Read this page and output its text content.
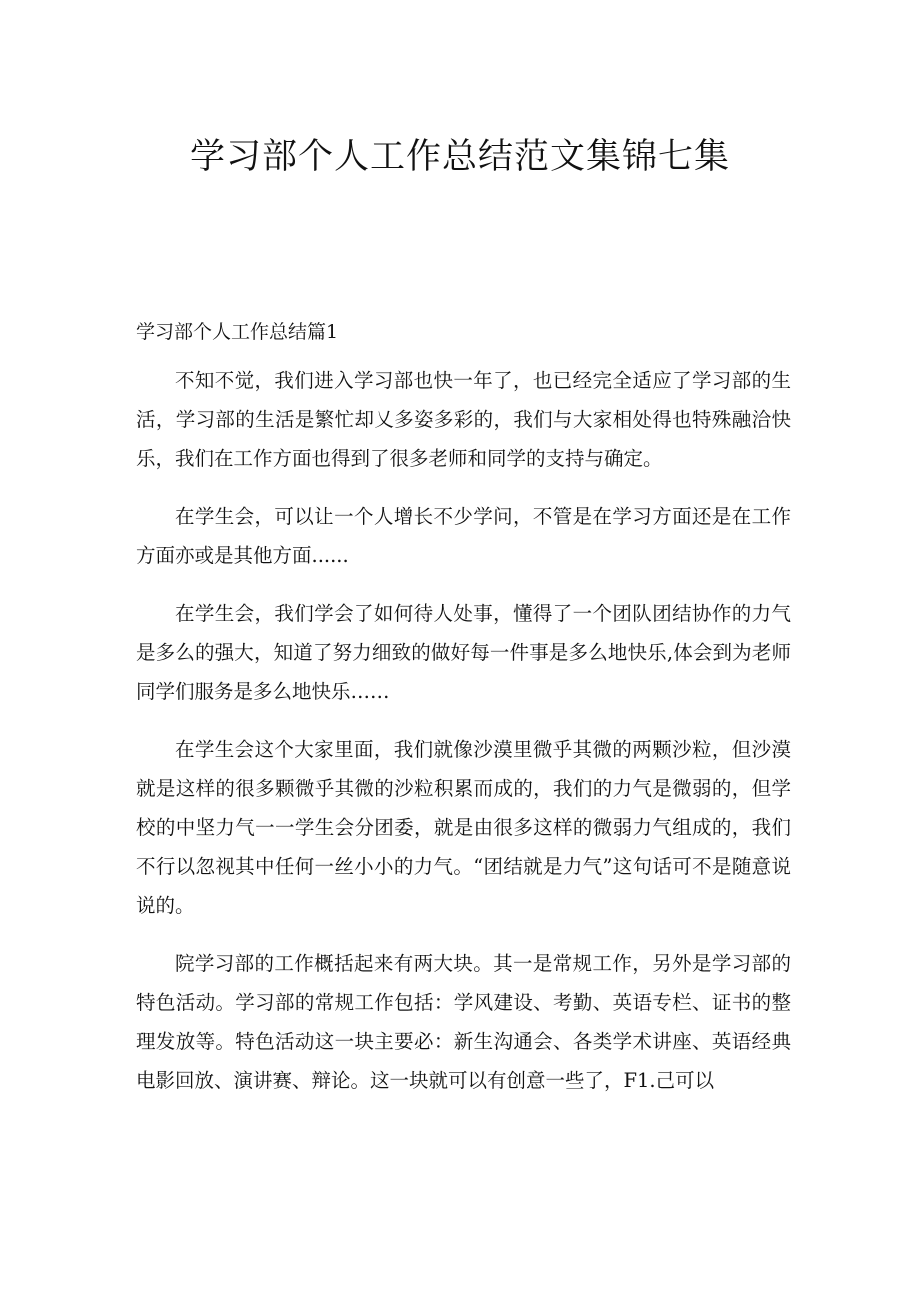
学习部个人工作总结范文集锦七集
学习部个人工作总结篇1

不知不觉，我们进入学习部也快一年了，也已经完全适应了学习部的生活，学习部的生活是繁忙却乂多姿多彩的，我们与大家相处得也特殊融洽快乐，我们在工作方面也得到了很多老师和同学的支持与确定。

在学生会，可以让一个人增长不少学问，不管是在学习方面还是在工作方面亦或是其他方面......

在学生会，我们学会了如何待人处事，懂得了一个团队团结协作的力气是多么的强大，知道了努力细致的做好每一件事是多么地快乐,体会到为老师同学们服务是多么地快乐……

在学生会这个大家里面，我们就像沙漠里微乎其微的两颗沙粒，但沙漠就是这样的很多颗微乎其微的沙粒积累而成的，我们的力气是微弱的，但学校的中坚力气一一学生会分团委，就是由很多这样的微弱力气组成的，我们不行以忽视其中任何一丝小小的力气。“团结就是力气”这句话可不是随意说说的。

院学习部的工作概括起来有两大块。其一是常规工作，另外是学习部的特色活动。学习部的常规工作包括：学风建设、考勤、英语专栏、证书的整理发放等。特色活动这一块主要必：新生沟通会、各类学术讲座、英语经典电影回放、演讲赛、辩论。这一块就可以有创意一些了，F1.己可以
